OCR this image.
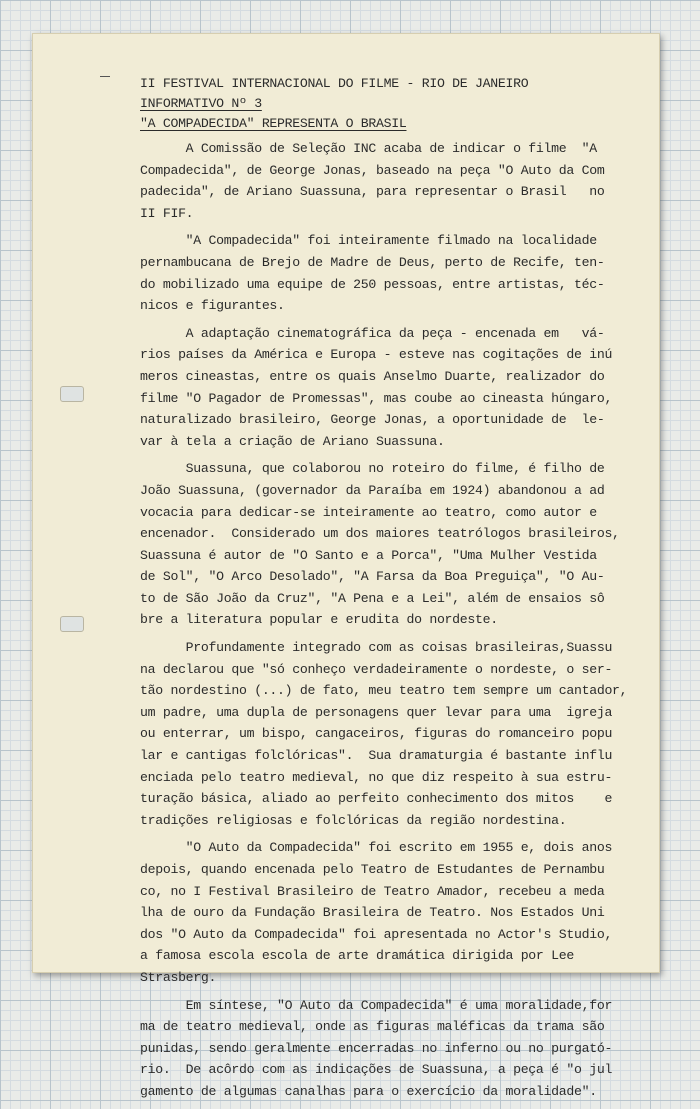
II FESTIVAL INTERNACIONAL DO FILME - RIO DE JANEIRO

INFORMATIVO Nº 3

"A COMPADECIDA" REPRESENTA O BRASIL

A Comissão de Seleção INC acaba de indicar o filme  "A
Compadecida", de George Jonas, baseado na peça "O Auto da Com
padecida", de Ariano Suassuna, para representar o Brasil   no
II FIF.

"A Compadecida" foi inteiramente filmado na localidade
pernambucana de Brejo de Madre de Deus, perto de Recife, ten-
do mobilizado uma equipe de 250 pessoas, entre artistas, téc-
nicos e figurantes.

A adaptação cinematográfica da peça - encenada em   vá-
rios países da América e Europa - esteve nas cogitações de inú
meros cineastas, entre os quais Anselmo Duarte, realizador do
filme "O Pagador de Promessas", mas coube ao cineasta húngaro,
naturalizado brasileiro, George Jonas, a oportunidade de  le-
var à tela a criação de Ariano Suassuna.

Suassuna, que colaborou no roteiro do filme, é filho de
João Suassuna, (governador da Paraíba em 1924) abandonou a ad
vocacia para dedicar-se inteiramente ao teatro, como autor e
encenador.  Considerado um dos maiores teatrólogos brasileiros,
Suassuna é autor de "O Santo e a Porca", "Uma Mulher Vestida
de Sol", "O Arco Desolado", "A Farsa da Boa Preguiça", "O Au-
to de São João da Cruz", "A Pena e a Lei", além de ensaios sô
bre a literatura popular e erudita do nordeste.

Profundamente integrado com as coisas brasileiras,Suassu
na declarou que "só conheço verdadeiramente o nordeste, o ser-
tão nordestino (...) de fato, meu teatro tem sempre um cantador,
um padre, uma dupla de personagens quer levar para uma  igreja
ou enterrar, um bispo, cangaceiros, figuras do romanceiro popu
lar e cantigas folclóricas".  Sua dramaturgia é bastante influ
enciada pelo teatro medieval, no que diz respeito à sua estru-
turação básica, aliado ao perfeito conhecimento dos mitos    e
tradições religiosas e folclóricas da região nordestina.

"O Auto da Compadecida" foi escrito em 1955 e, dois anos
depois, quando encenada pelo Teatro de Estudantes de Pernambu
co, no I Festival Brasileiro de Teatro Amador, recebeu a meda
lha de ouro da Fundação Brasileira de Teatro. Nos Estados Uni
dos "O Auto da Compadecida" foi apresentada no Actor's Studio,
a famosa escola escola de arte dramática dirigida por Lee
Strasberg.

Em síntese, "O Auto da Compadecida" é uma moralidade,for
ma de teatro medieval, onde as figuras maléficas da trama são
punidas, sendo geralmente encerradas no inferno ou no purgató-
rio.  De acôrdo com as indicações de Suassuna, a peça é "o jul
gamento de algumas canalhas para o exercício da moralidade".
